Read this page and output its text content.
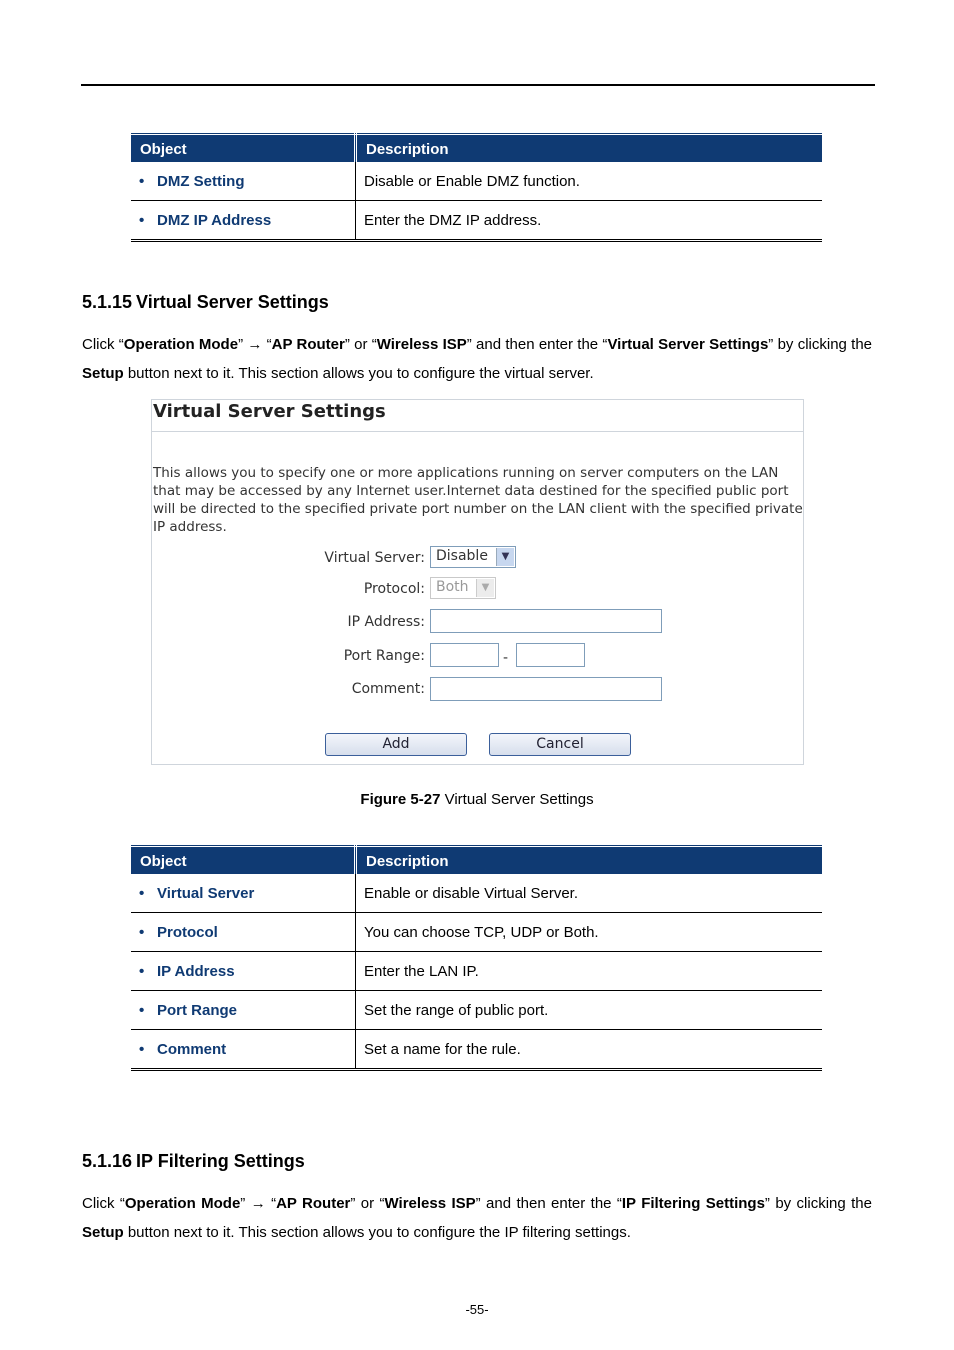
Object	Description
• DMZ Setting	Disable or Enable DMZ function.
• DMZ IP Address	Enter the DMZ IP address.
5.1.15 Virtual Server Settings

Click “Operation Mode” → “AP Router” or “Wireless ISP” and then enter the “Virtual Server Settings” by clicking the Setup button next to it. This section allows you to configure the virtual server.

Virtual Server Settings
This allows you to specify one or more applications running on server computers on the LAN that may be accessed by any Internet user.Internet data destined for the specified public port will be directed to the specified private port number on the LAN client with the specified private IP address.
Virtual Server: Disable	▼
Protocol: Both	▼
IP Address:
Port Range:	-
Comment:
Add	Cancel
Figure 5-27 Virtual Server Settings
Object	Description
• Virtual Server	Enable or disable Virtual Server.
• Protocol	You can choose TCP, UDP or Both.
• IP Address	Enter the LAN IP.
• Port Range	Set the range of public port.
• Comment	Set a name for the rule.
5.1.16 IP Filtering Settings

Click “Operation Mode” → “AP Router” or “Wireless ISP” and then enter the “IP Filtering Settings” by clicking the Setup button next to it. This section allows you to configure the IP filtering settings.

-55-
